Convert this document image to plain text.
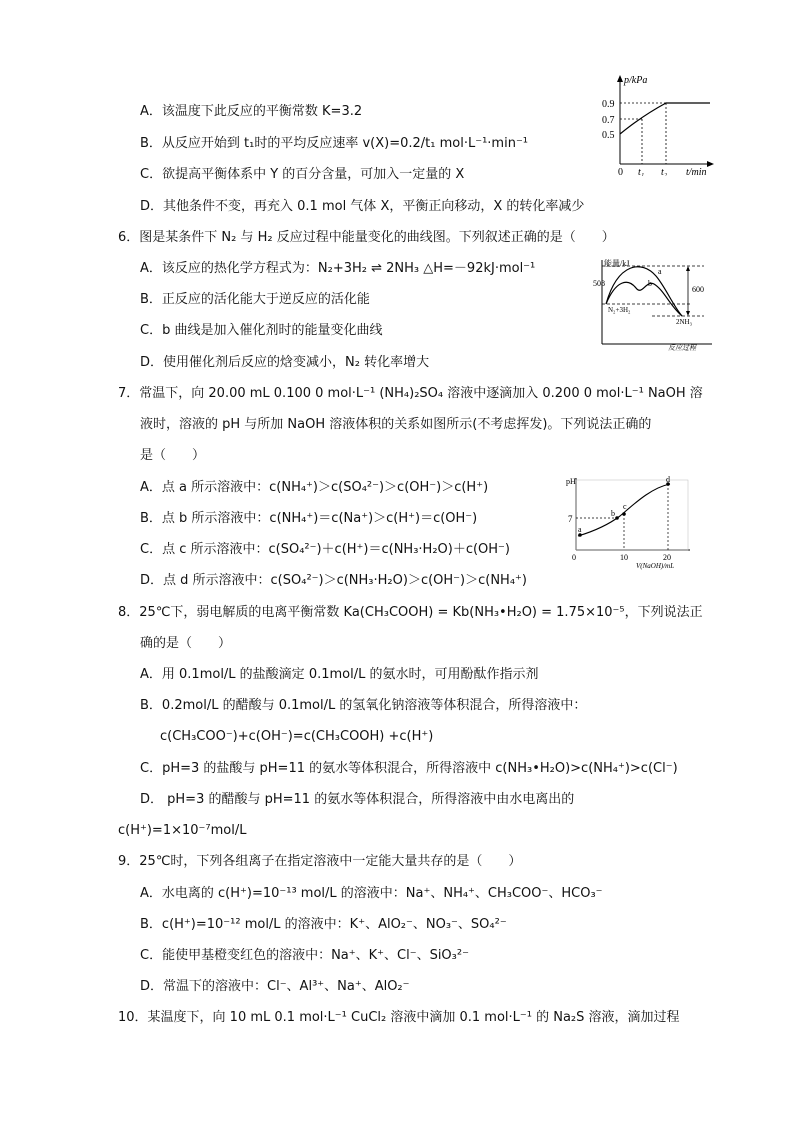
A．该温度下此反应的平衡常数 K=3.2
B．从反应开始到 t₁时的平均反应速率 v(X)=0.2/t₁ mol·L⁻¹·min⁻¹
C．欲提高平衡体系中 Y 的百分含量，可加入一定量的 X
D．其他条件不变，再充入 0.1 mol 气体 X，平衡正向移动，X 的转化率减少
p/kPa
t/min
0.9
0.7
0.5
0 t₁ t₂
6．图是某条件下 N₂ 与 H₂ 反应过程中能量变化的曲线图。下列叙述正确的是（　　）
A．该反应的热化学方程式为：N₂+3H₂ ⇌ 2NH₃ △H=－92kJ·mol⁻¹
B．正反应的活化能大于逆反应的活化能
C．b 曲线是加入催化剂时的能量变化曲线
D．使用催化剂后反应的焓变减小，N₂ 转化率增大
能量/kJ
508
600
a
b
N₂+3H₂
2NH₃
反应过程
7．常温下，向 20.00 mL 0.100 0 mol·L⁻¹ (NH₄)₂SO₄ 溶液中逐滴加入 0.200 0 mol·L⁻¹ NaOH 溶
液时，溶液的 pH 与所加 NaOH 溶液体积的关系如图所示(不考虑挥发)。下列说法正确的
是（　　）
A．点 a 所示溶液中：c(NH₄⁺)＞c(SO₄²⁻)＞c(OH⁻)＞c(H⁺)
B．点 b 所示溶液中：c(NH₄⁺)＝c(Na⁺)＞c(H⁺)＝c(OH⁻)
C．点 c 所示溶液中：c(SO₄²⁻)＋c(H⁺)＝c(NH₃·H₂O)＋c(OH⁻)
D．点 d 所示溶液中：c(SO₄²⁻)＞c(NH₃·H₂O)＞c(OH⁻)＞c(NH₄⁺)
pH
7
0	10	20
V(NaOH)/mL
a
b
c
d
8．25℃下，弱电解质的电离平衡常数 Ka(CH₃COOH) = Kb(NH₃•H₂O) = 1.75×10⁻⁵，下列说法正
确的是（　　）
A．用 0.1mol/L 的盐酸滴定 0.1mol/L 的氨水时，可用酚酞作指示剂
B．0.2mol/L 的醋酸与 0.1mol/L 的氢氧化钠溶液等体积混合，所得溶液中：
c(CH₃COO⁻)+c(OH⁻)=c(CH₃COOH) +c(H⁺)
C．pH=3 的盐酸与 pH=11 的氨水等体积混合，所得溶液中 c(NH₃•H₂O)>c(NH₄⁺)>c(Cl⁻)
D． pH=3 的醋酸与 pH=11 的氨水等体积混合，所得溶液中由水电离出的
c(H⁺)=1×10⁻⁷mol/L
9．25℃时，下列各组离子在指定溶液中一定能大量共存的是（　　）
A．水电离的 c(H⁺)=10⁻¹³ mol/L 的溶液中：Na⁺、NH₄⁺、CH₃COO⁻、HCO₃⁻
B．c(H⁺)=10⁻¹² mol/L 的溶液中：K⁺、AlO₂⁻、NO₃⁻、SO₄²⁻
C．能使甲基橙变红色的溶液中：Na⁺、K⁺、Cl⁻、SiO₃²⁻
D．常温下的溶液中：Cl⁻、Al³⁺、Na⁺、AlO₂⁻
10．某温度下，向 10 mL 0.1 mol·L⁻¹ CuCl₂ 溶液中滴加 0.1 mol·L⁻¹ 的 Na₂S 溶液，滴加过程
